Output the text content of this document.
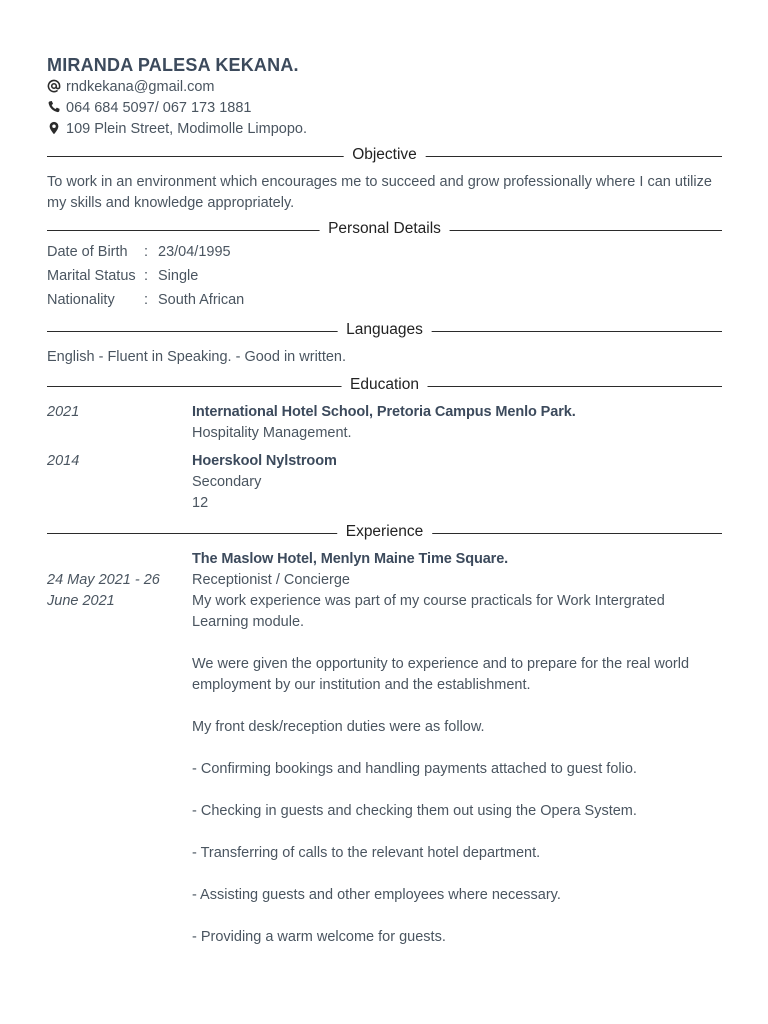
MIRANDA PALESA KEKANA.
rndkekana@gmail.com
064 684 5097/ 067 173 1881
109 Plein Street, Modimolle Limpopo.
Objective
To work in an environment which encourages me to succeed and grow professionally where I can utilize my skills and knowledge appropriately.
Personal Details
Date of Birth : 23/04/1995
Marital Status : Single
Nationality : South African
Languages
English - Fluent in Speaking. - Good in written.
Education
2021	International Hotel School, Pretoria Campus Menlo Park.
Hospitality Management.
2014	Hoerskool Nylstroom
Secondary
12
Experience
24 May 2021 - 26 June 2021
The Maslow Hotel, Menlyn Maine Time Square.
Receptionist / Concierge
My work experience was part of my course practicals for Work Intergrated Learning module.
We were given the opportunity to experience and to prepare for the real world employment by our institution and the establishment.
My front desk/reception duties were as follow.
- Confirming bookings and handling payments attached to guest folio.
- Checking in guests and checking them out using the Opera System.
- Transferring of calls to the relevant hotel department.
- Assisting guests and other employees where necessary.
- Providing a warm welcome for guests.
